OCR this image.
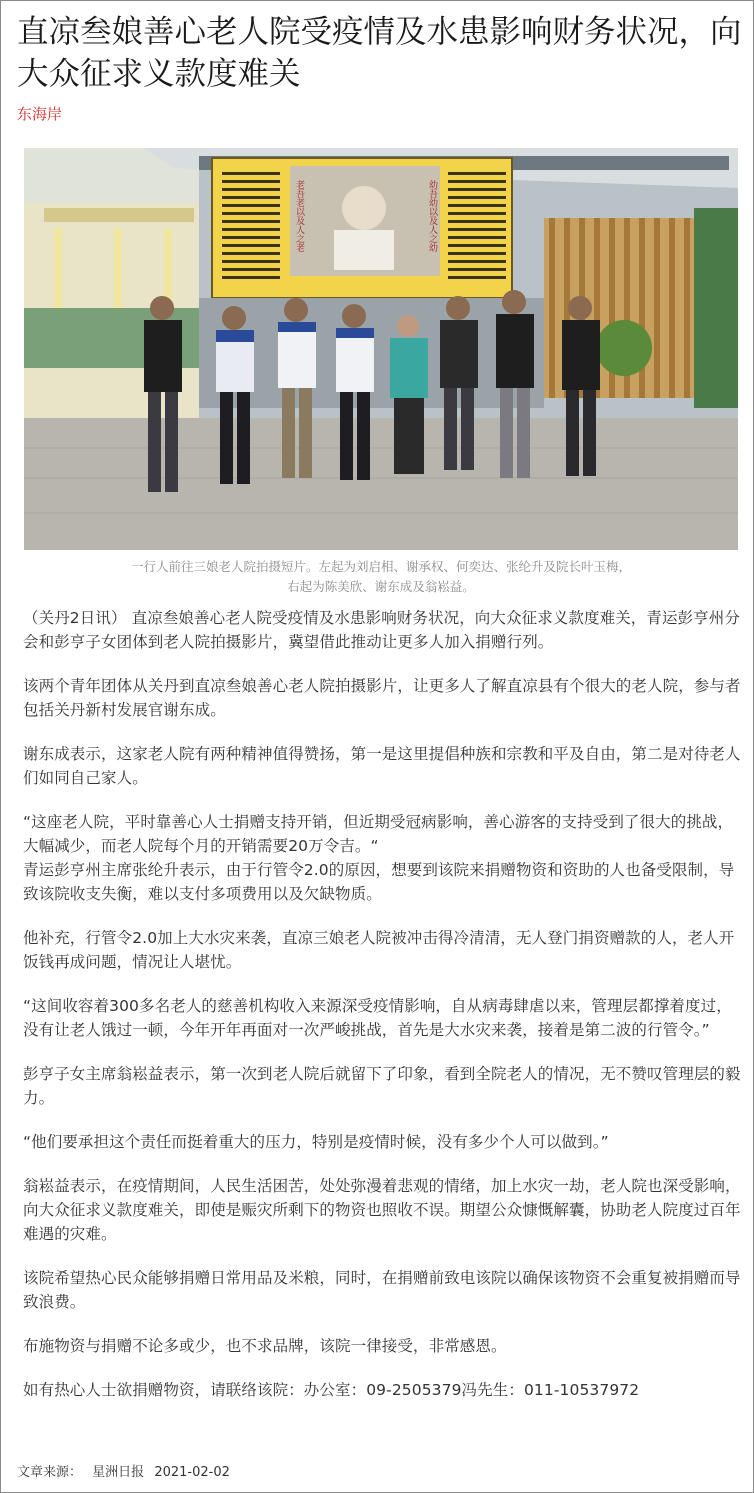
直凉叁娘善心老人院受疫情及水患影响财务状况，向大众征求义款度难关
东海岸
老吾老以及人之老	幼吾幼以及人之幼
一行人前往三娘老人院拍摄短片。左起为刘启相、谢承权、何奕达、张纶升及院长叶玉梅，
右起为陈美欣、谢东成及翁崧益。

（关丹2日讯） 直凉叁娘善心老人院受疫情及水患影响财务状况，向大众征求义款度难关，青运彭亨州分会和彭亨子女团体到老人院拍摄影片，冀望借此推动让更多人加入捐赠行列。

该两个青年团体从关丹到直凉叁娘善心老人院拍摄影片，让更多人了解直凉县有个很大的老人院，参与者包括关丹新村发展官谢东成。

谢东成表示，这家老人院有两种精神值得赞扬，第一是这里提倡种族和宗教和平及自由，第二是对待老人们如同自己家人。

“这座老人院，平时靠善心人士捐赠支持开销，但近期受冠病影响，善心游客的支持受到了很大的挑战，大幅减少，而老人院每个月的开销需要20万令吉。“

青运彭亨州主席张纶升表示，由于行管令2.0的原因，想要到该院来捐赠物资和资助的人也备受限制，导致该院收支失衡，难以支付多项费用以及欠缺物质。

他补充，行管令2.0加上大水灾来袭，直凉三娘老人院被冲击得冷清清，无人登门捐资赠款的人，老人开饭钱再成问题，情况让人堪忧。

“这间收容着300多名老人的慈善机构收入来源深受疫情影响，自从病毒肆虐以来，管理层都撑着度过，没有让老人饿过一顿，今年开年再面对一次严峻挑战，首先是大水灾来袭，接着是第二波的行管令。”

彭亨子女主席翁崧益表示，第一次到老人院后就留下了印象，看到全院老人的情况，无不赞叹管理层的毅力。

“他们要承担这个责任而挺着重大的压力，特别是疫情时候，没有多少个人可以做到。”

翁崧益表示，在疫情期间，人民生活困苦，处处弥漫着悲观的情绪，加上水灾一劫，老人院也深受影响，向大众征求义款度难关，即使是赈灾所剩下的物资也照收不误。期望公众慷慨解囊，协助老人院度过百年难遇的灾难。

该院希望热心民众能够捐赠日常用品及米粮，同时，在捐赠前致电该院以确保该物资不会重复被捐赠而导致浪费。

布施物资与捐赠不论多或少，也不求品牌，该院一律接受，非常感恩。

如有热心人士欲捐赠物资，请联络该院：办公室：09-2505379冯先生：011-10537972

文章来源： 星洲日报 2021-02-02
